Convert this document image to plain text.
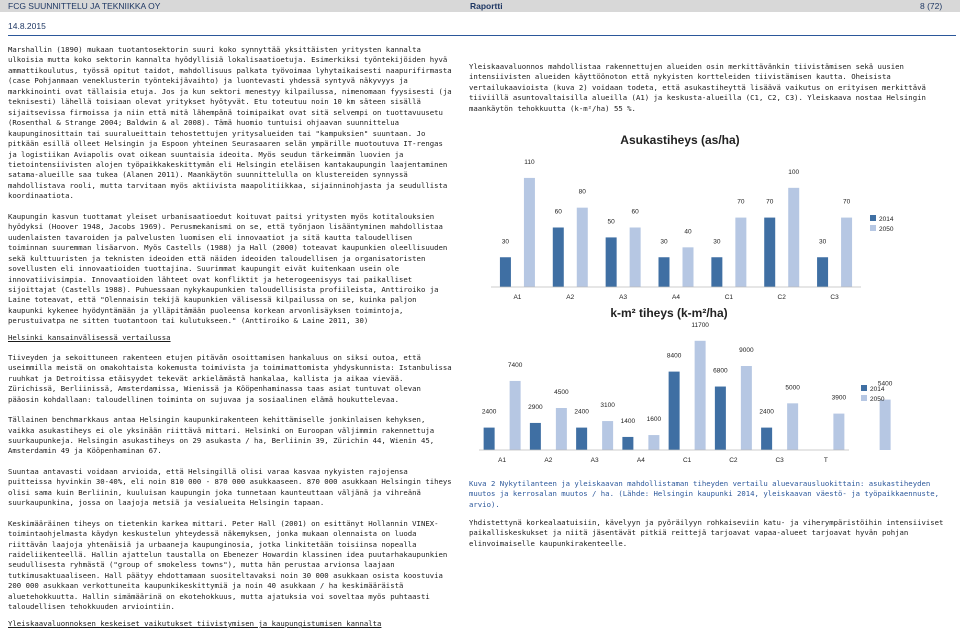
FCG SUUNNITTELU JA TEKNIIKKA OY	Raportti	8 (72)
14.8.2015

Marshallin (1890) mukaan tuotantosektorin suuri koko synnyttää yksittäisten yritysten kannalta ulkoisia mutta koko sektorin kannalta hyödyllisiä lokalisaatioetuja. Esimerkiksi työntekijöiden hyvä ammattikoulutus, työssä opitut taidot, mahdollisuus palkata työvoimaa lyhytaikaisesti naapurifirmasta (case Pohjanmaan veneklusterin työntekijävaihto) ja luontevasti yhdessä syntyvä näkyvyys ja markkinointi ovat tällaisia etuja. Jos ja kun sektori menestyy kilpailussa, nimenomaan fyysisesti (ja teknisesti) lähellä toisiaan olevat yritykset hyötyvät. Etu toteutuu noin 10 km säteen sisällä sijaitsevissa firmoissa ja niin että mitä lähempänä toimipaikat ovat sitä selvempi on tuottavuusetu (Rosenthal & Strange 2004; Baldwin & al 2008). Tämä huomio tuntuisi ohjaavan suunnittelua kaupunginosittain tai suuralueittain tehostettujen yritysalueiden tai "kampuksien" suuntaan. Jo pitkään esillä olleet Helsingin ja Espoon yhteinen Seurasaaren selän ympärille muotoutuva IT-rengas ja logistiikan Aviapolis ovat oikean suuntaisia ideoita. Myös seudun tärkeimmän luovien ja tietointensiivisten alojen työpaikkakeskittymän eli Helsingin eteläisen kantakaupungin laajentaminen satama-alueille saa tukea (Alanen 2011). Maankäytön suunnittelulla on klustereiden synnyssä mahdollistava rooli, mutta tarvitaan myös aktiivista maapolitiikkaa, sijainninohjasta ja seudullista koordinaatiota.

Kaupungin kasvun tuottamat yleiset urbanisaatioedut koituvat paitsi yritysten myös kotitalouksien hyödyksi (Hoover 1948, Jacobs 1969). Perusmekanismi on se, että työnjaon lisääntyminen mahdollistaa uudenlaisten tavaroiden ja palvelusten luomisen eli innovaatiot ja sitä kautta taloudellisen toiminnan suuremman lisäarvon. Myös Castells (1988) ja Hall (2000) toteavat kaupunkien oleellisuuden sekä kulttuuristen ja teknisten ideoiden että näiden ideoiden taloudellisen ja organisatoristen sovellusten eli innovaatioiden tuottajina. Suurimmat kaupungit eivät kuitenkaan usein ole innovatiivisimpia. Innovaatioiden lähteet ovat konfliktit ja heterogeenisyys tai paikalliset sijoittajat (Castells 1988). Puhuessaan nykykaupunkien taloudellisista profiileista, Anttiroiko ja Laine toteavat, että "Olennaisin tekijä kaupunkien välisessä kilpailussa on se, kuinka paljon kaupunki kykenee hyödyntämään ja ylläpitämään puoleensa korkean arvonlisäyksen toimintoja, perustuivatpa ne sitten tuotantoon tai kulutukseen." (Anttiroiko & Laine 2011, 30)

Helsinki kansainvälisessä vertailussa

Tiiveyden ja sekoittuneen rakenteen etujen pitävän osoittamisen hankaluus on siksi outoa, että useimmilla meistä on omakohtaista kokemusta toimivista ja toimimattomista yhdyskunnista: Istanbulissa ruuhkat ja Detroitissa etäisyydet tekevät arkielämästä hankalaa, kallista ja aikaa vievää. Zürichissä, Berliinissä, Amsterdamissa, Wienissä ja Kööpenhaminassa taas asiat tuntuvat olevan pääosin kohdallaan: taloudellinen toiminta on sujuvaa ja sosiaalinen elämä houkuttelevaa.

Tällainen benchmarkkaus antaa Helsingin kaupunkirakenteen kehittämiselle jonkinlaisen kehyksen, vaikka asukastiheys ei ole yksinään riittävä mittari. Helsinki on Euroopan väljimmin rakennettuja suurkaupunkeja. Helsingin asukastiheys on 29 asukasta / ha, Berliinin 39, Zürichin 44, Wienin 45, Amsterdamin 49 ja Kööpenhaminan 67.

Suuntaa antavasti voidaan arvioida, että Helsingillä olisi varaa kasvaa nykyisten rajojensa puitteissa hyvinkin 30-40%, eli noin 810 000 - 870 000 asukkaaseen. 870 000 asukkaan Helsingin tiheys olisi sama kuin Berliinin, kuuluisan kaupungin joka tunnetaan kaunteuttaan väljänä ja vihreänä suurkaupunkina, jossa on laajoja metsiä ja vesialueita Helsingin tapaan.

Keskimääräinen tiheys on tietenkin karkea mittari. Peter Hall (2001) on esittänyt Hollannin VINEX-toimintaohjelmasta käydyn keskustelun yhteydessä näkemyksen, jonka mukaan olennaista on luoda riittävän laajoja yhtenäisiä ja urbaaneja kaupunginosia, jotka linkitetään toisiinsa nopealla raideliikenteellä. Hallin ajattelun taustalla on Ebenezer Howardin klassinen idea puutarhakaupunkien seudullisesta ryhmästä ("group of smokeless towns"), mutta hän perustaa arvionsa laajaan tutkimusaktuaaliseen. Hall päätyy ehdottamaan suositeltavaksi noin 30 000 asukkaan osista koostuvia 200 000 asukkaan verkottuneita kaupunkikeskittymiä ja noin 40 asukkaan / ha keskimääräistä aluetehokkuutta. Hallin simämäärinä on ekotehokkuus, mutta ajatuksia voi soveltaa myös puhtaasti taloudellisen tehokkuuden arviointiin.

Yleiskaavaluonnos mahdollistaa rakennettujen alueiden osin merkittävänkin tiivistämisen sekä uusien intensiivisten alueiden käyttöönoton että nykyisten kortteleiden tiivistämisen kautta. Oheisista vertailukaavioista (kuva 2) voidaan todeta, että asukastiheyttä lisäävä vaikutus on erityisen merkittävä tiiviillä asuntovaltaisilla alueilla (A1) ja keskusta-alueilla (C1, C2, C3). Yleiskaava nostaa Helsingin maankäytön tehokkuutta (k-m²/ha) 55 %.

Asukastiheys (as/ha)
30
110
A1
60
80
A2
50
60
A3
30
40
A4
30
70
C1
70
100
C2
30
70
C3
2014
2050
k-m² tiheys (k-m²/ha)
2400
7400
A1
2900
4500
A2
2400
3100
A3
1400 1600
A4
8400
11700
C1
6800
9000
C2
2400
5000
C3
3900
T
5400
2014
2050

Kuva 2 Nykytilanteen ja yleiskaavan mahdollistaman tiheyden vertailu aluevarausluokittain: asukastiheyden muutos ja kerrosalan muutos / ha. (Lähde: Helsingin kaupunki 2014, yleiskaavan väestö- ja työpaikkaennuste, arvio).

Yhdistettynä korkealaatuisiin, kävelyyn ja pyöräilyyn rohkaiseviin katu- ja viherympäristöihin intensiiviset paikalliskeskukset ja niitä jäsentävät pitkiä reittejä tarjoavat vapaa-alueet tarjoavat hyvän pohjan elinvoimaiselle kaupunkirakenteelle.

Yleiskaavaluonnoksen keskeiset vaikutukset tiivistymisen ja kaupungistumisen kannalta
